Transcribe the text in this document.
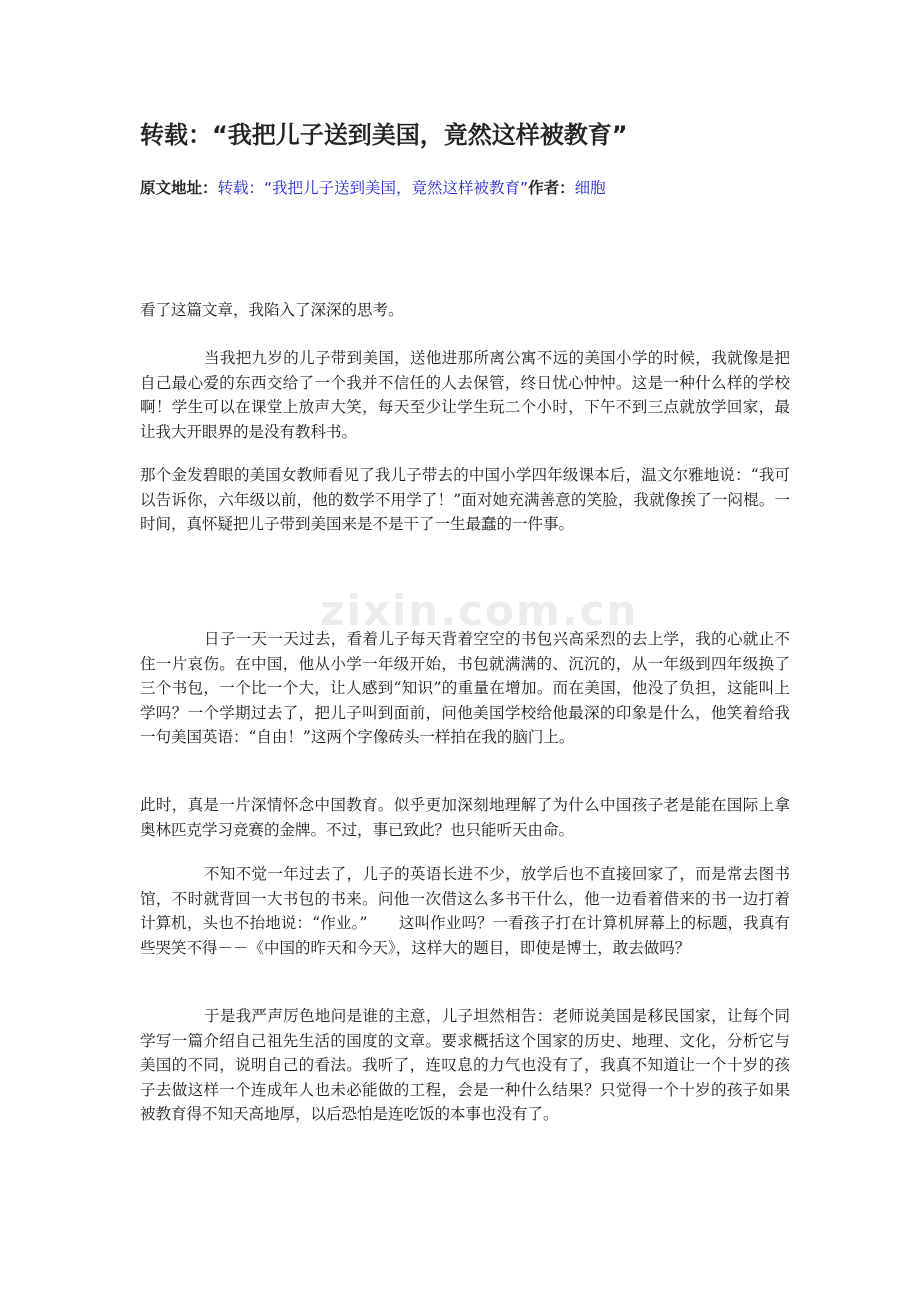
zixin.com.cn
转载：“我把儿子送到美国，竟然这样被教育”
原文地址：转载：“我把儿子送到美国，竟然这样被教育”作者：细胞

看了这篇文章，我陷入了深深的思考。

当我把九岁的儿子带到美国，送他进那所离公寓不远的美国小学的时候，我就像是把自己最心爱的东西交给了一个我并不信任的人去保管，终日忧心忡忡。这是一种什么样的学校啊！学生可以在课堂上放声大笑，每天至少让学生玩二个小时，下午不到三点就放学回家，最让我大开眼界的是没有教科书。

那个金发碧眼的美国女教师看见了我儿子带去的中国小学四年级课本后，温文尔雅地说：“我可以告诉你，六年级以前，他的数学不用学了！”面对她充满善意的笑脸，我就像挨了一闷棍。一时间，真怀疑把儿子带到美国来是不是干了一生最蠢的一件事。

日子一天一天过去，看着儿子每天背着空空的书包兴高采烈的去上学，我的心就止不住一片哀伤。在中国，他从小学一年级开始，书包就满满的、沉沉的，从一年级到四年级换了三个书包，一个比一个大，让人感到“知识”的重量在增加。而在美国，他没了负担，这能叫上学吗？一个学期过去了，把儿子叫到面前，问他美国学校给他最深的印象是什么，他笑着给我一句美国英语：“自由！”这两个字像砖头一样拍在我的脑门上。

此时，真是一片深情怀念中国教育。似乎更加深刻地理解了为什么中国孩子老是能在国际上拿奥林匹克学习竞赛的金牌。不过，事已致此？也只能听天由命。

不知不觉一年过去了，儿子的英语长进不少，放学后也不直接回家了，而是常去图书馆，不时就背回一大书包的书来。问他一次借这么多书干什么，他一边看着借来的书一边打着计算机，头也不抬地说：“作业。”　　这叫作业吗？一看孩子打在计算机屏幕上的标题，我真有些哭笑不得－－《中国的昨天和今天》，这样大的题目，即使是博士，敢去做吗？

于是我严声厉色地问是谁的主意，儿子坦然相告：老师说美国是移民国家，让每个同学写一篇介绍自己祖先生活的国度的文章。要求概括这个国家的历史、地理、文化，分析它与美国的不同，说明自己的看法。我听了，连叹息的力气也没有了，我真不知道让一个十岁的孩子去做这样一个连成年人也未必能做的工程，会是一种什么结果？只觉得一个十岁的孩子如果被教育得不知天高地厚，以后恐怕是连吃饭的本事也没有了。
